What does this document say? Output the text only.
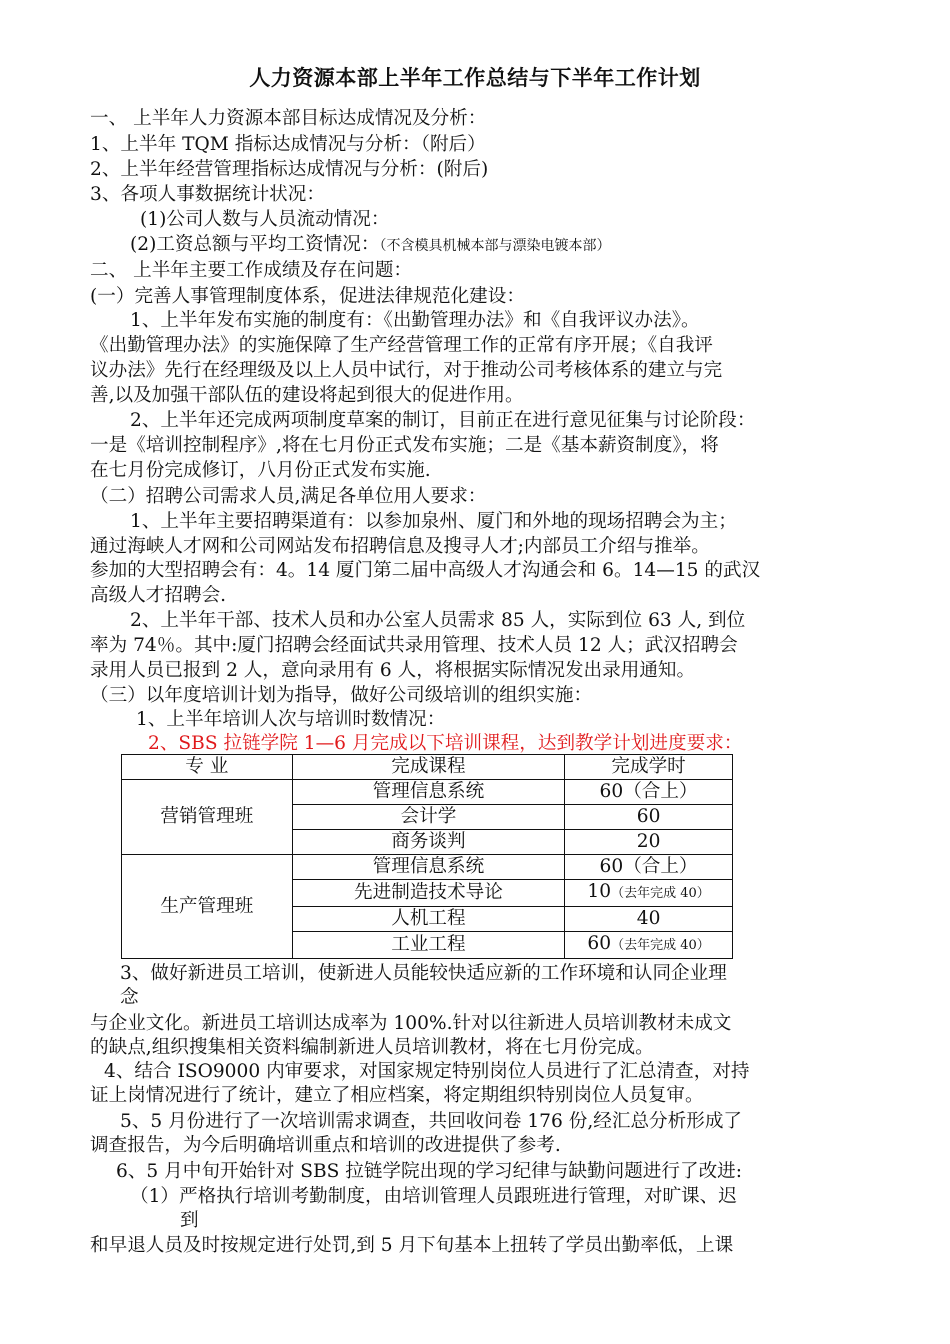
人力资源本部上半年工作总结与下半年工作计划
一、 上半年人力资源本部目标达成情况及分析：
1、上半年 TQM 指标达成情况与分析：（附后）
2、上半年经营管理指标达成情况与分析：(附后)
3、各项人事数据统计状况：
(1)公司人数与人员流动情况：
(2)工资总额与平均工资情况：（不含模具机械本部与漂染电镀本部）
二、 上半年主要工作成绩及存在问题：
(一）完善人事管理制度体系，促进法律规范化建设：
1、上半年发布实施的制度有：《出勤管理办法》和《自我评议办法》。
《出勤管理办法》的实施保障了生产经营管理工作的正常有序开展；《自我评
议办法》先行在经理级及以上人员中试行，对于推动公司考核体系的建立与完
善,以及加强干部队伍的建设将起到很大的促进作用。
2、上半年还完成两项制度草案的制订，目前正在进行意见征集与讨论阶段：
一是《培训控制程序》,将在七月份正式发布实施；二是《基本薪资制度》，将
在七月份完成修订，八月份正式发布实施.
（二）招聘公司需求人员,满足各单位用人要求：
1、上半年主要招聘渠道有：以参加泉州、厦门和外地的现场招聘会为主；
通过海峡人才网和公司网站发布招聘信息及搜寻人才;内部员工介绍与推举。
参加的大型招聘会有：4。14 厦门第二届中高级人才沟通会和 6。14—15 的武汉
高级人才招聘会.
2、上半年干部、技术人员和办公室人员需求 85 人，实际到位 63 人, 到位
率为 74％。其中:厦门招聘会经面试共录用管理、技术人员 12 人；武汉招聘会
录用人员已报到 2 人，意向录用有 6 人，将根据实际情况发出录用通知。
（三）以年度培训计划为指导，做好公司级培训的组织实施：
1、上半年培训人次与培训时数情况：
2、SBS 拉链学院 1—6 月完成以下培训课程，达到教学计划进度要求：
专 业	完成课程	完成学时
营销管理班	管理信息系统	60（合上）
	会计学	60
	商务谈判	20
生产管理班	管理信息系统	60（合上）
	先进制造技术导论	10（去年完成 40）
	人机工程	40
	工业工程	60（去年完成 40）
3、做好新进员工培训，使新进人员能较快适应新的工作环境和认同企业理
念
与企业文化。新进员工培训达成率为 100%.针对以往新进人员培训教材未成文
的缺点,组织搜集相关资料编制新进人员培训教材，将在七月份完成。
4、结合 ISO9000 内审要求，对国家规定特别岗位人员进行了汇总清查，对持
证上岗情况进行了统计，建立了相应档案，将定期组织特别岗位人员复审。
5、5 月份进行了一次培训需求调查，共回收问卷 176 份,经汇总分析形成了
调查报告，为今后明确培训重点和培训的改进提供了参考.
6、5 月中旬开始针对 SBS 拉链学院出现的学习纪律与缺勤问题进行了改进:
（1）严格执行培训考勤制度，由培训管理人员跟班进行管理，对旷课、迟
到
和早退人员及时按规定进行处罚,到 5 月下旬基本上扭转了学员出勤率低，上课
